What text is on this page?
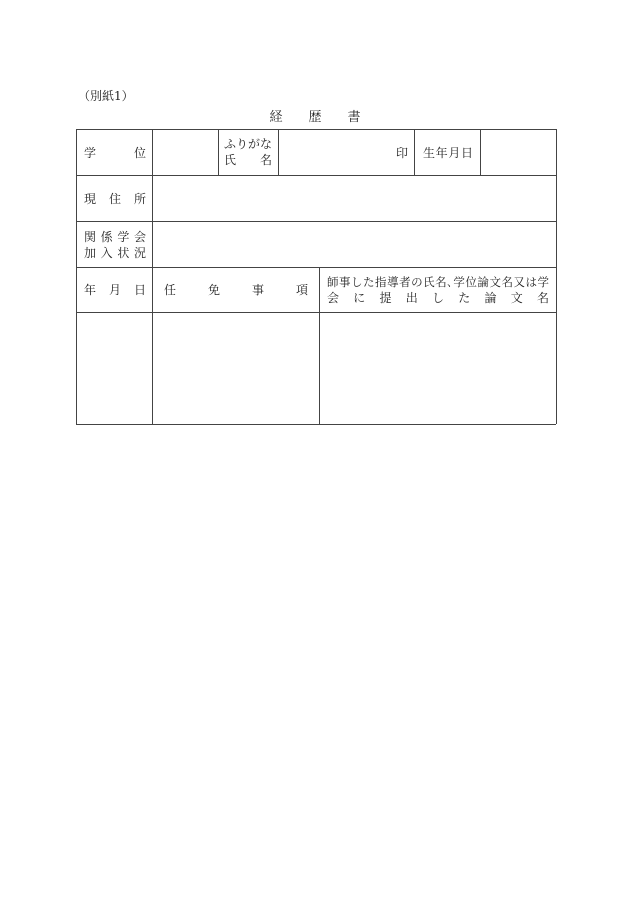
（別紙1）
経　　歴　　書
学位
ふりがな
氏名	印 生年月日
現住所
関係学会
加入状況
年月日 任免事項
師事した指導者の氏名､学位論文名又は学
会に提出した論文名
